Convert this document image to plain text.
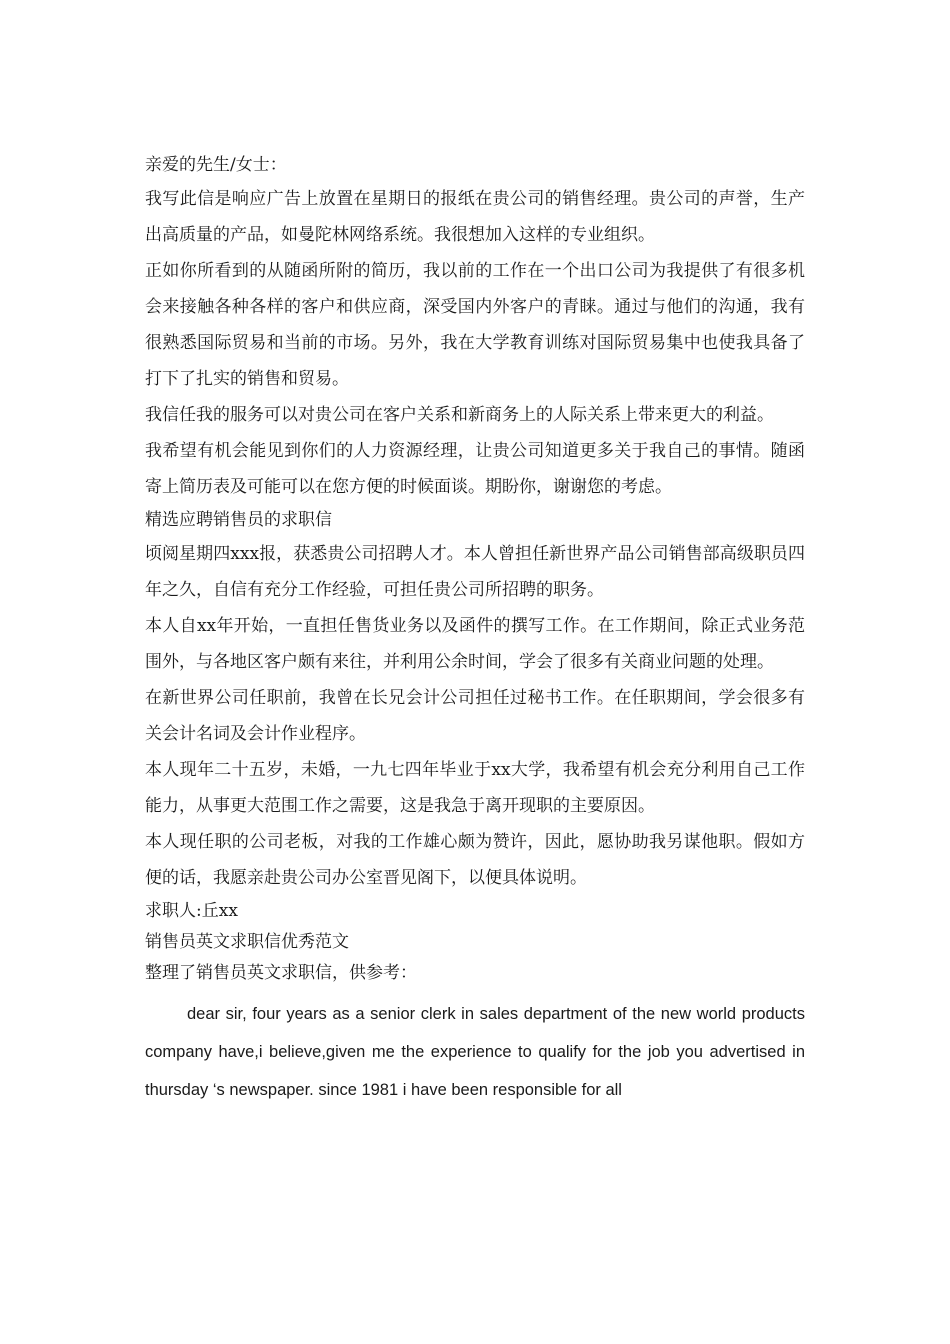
亲爱的先生/女士：

我写此信是响应广告上放置在星期日的报纸在贵公司的销售经理。贵公司的声誉，生产出高质量的产品，如曼陀林网络系统。我很想加入这样的专业组织。

正如你所看到的从随函所附的简历，我以前的工作在一个出口公司为我提供了有很多机会来接触各种各样的客户和供应商，深受国内外客户的青睐。通过与他们的沟通，我有很熟悉国际贸易和当前的市场。另外，我在大学教育训练对国际贸易集中也使我具备了打下了扎实的销售和贸易。

我信任我的服务可以对贵公司在客户关系和新商务上的人际关系上带来更大的利益。

我希望有机会能见到你们的人力资源经理，让贵公司知道更多关于我自己的事情。随函寄上简历表及可能可以在您方便的时候面谈。期盼你，谢谢您的考虑。

精选应聘销售员的求职信

顷阅星期四xxx报，获悉贵公司招聘人才。本人曾担任新世界产品公司销售部高级职员四年之久，自信有充分工作经验，可担任贵公司所招聘的职务。

本人自xx年开始，一直担任售货业务以及函件的撰写工作。在工作期间，除正式业务范围外，与各地区客户颇有来往，并利用公余时间，学会了很多有关商业问题的处理。

在新世界公司任职前，我曾在长兄会计公司担任过秘书工作。在任职期间，学会很多有关会计名词及会计作业程序。

本人现年二十五岁，未婚，一九七四年毕业于xx大学，我希望有机会充分利用自己工作能力，从事更大范围工作之需要，这是我急于离开现职的主要原因。

本人现任职的公司老板，对我的工作雄心颇为赞许，因此，愿协助我另谋他职。假如方便的话，我愿亲赴贵公司办公室晋见阁下，以便具体说明。

求职人:丘xx

销售员英文求职信优秀范文

整理了销售员英文求职信，供参考：

dear sir, four years as a senior clerk in sales department of the new world products company have,i believe,given me the experience to qualify for the job you advertised in thursday ‘s newspaper. since 1981 i have been responsible for all
